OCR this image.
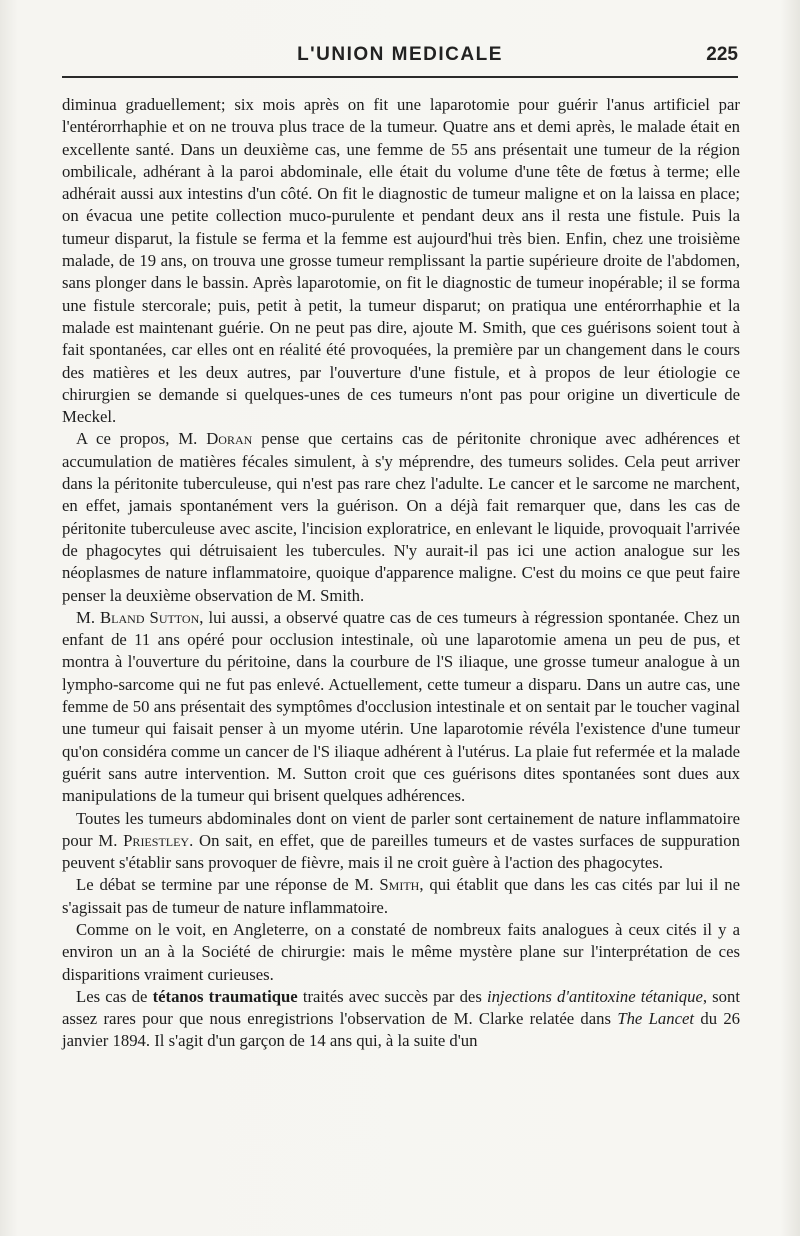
L'UNION MEDICALE	225

diminua graduellement; six mois après on fit une laparotomie pour guérir l'anus artificiel par l'entérorrhaphie et on ne trouva plus trace de la tumeur. Quatre ans et demi après, le malade était en excellente santé. Dans un deuxième cas, une femme de 55 ans présentait une tumeur de la région ombilicale, adhérant à la paroi abdominale, elle était du volume d'une tête de fœtus à terme; elle adhérait aussi aux intestins d'un côté. On fit le diagnostic de tumeur maligne et on la laissa en place; on évacua une petite collection muco-purulente et pendant deux ans il resta une fistule. Puis la tumeur disparut, la fistule se ferma et la femme est aujourd'hui très bien. Enfin, chez une troisième malade, de 19 ans, on trouva une grosse tumeur remplissant la partie supérieure droite de l'abdomen, sans plonger dans le bassin. Après laparotomie, on fit le diagnostic de tumeur inopérable; il se forma une fistule stercorale; puis, petit à petit, la tumeur disparut; on pratiqua une entérorrhaphie et la malade est maintenant guérie. On ne peut pas dire, ajoute M. Smith, que ces guérisons soient tout à fait spontanées, car elles ont en réalité été provoquées, la première par un changement dans le cours des matières et les deux autres, par l'ouverture d'une fistule, et à propos de leur étiologie ce chirurgien se demande si quelques-unes de ces tumeurs n'ont pas pour origine un diverticule de Meckel.

A ce propos, M. Doran pense que certains cas de péritonite chronique avec adhérences et accumulation de matières fécales simulent, à s'y méprendre, des tumeurs solides. Cela peut arriver dans la péritonite tuberculeuse, qui n'est pas rare chez l'adulte. Le cancer et le sarcome ne marchent, en effet, jamais spontanément vers la guérison. On a déjà fait remarquer que, dans les cas de péritonite tuberculeuse avec ascite, l'incision exploratrice, en enlevant le liquide, provoquait l'arrivée de phagocytes qui détruisaient les tubercules. N'y aurait-il pas ici une action analogue sur les néoplasmes de nature inflammatoire, quoique d'apparence maligne. C'est du moins ce que peut faire penser la deuxième observation de M. Smith.

M. Bland Sutton, lui aussi, a observé quatre cas de ces tumeurs à régression spontanée. Chez un enfant de 11 ans opéré pour occlusion intestinale, où une laparotomie amena un peu de pus, et montra à l'ouverture du péritoine, dans la courbure de l'S iliaque, une grosse tumeur analogue à un lympho-sarcome qui ne fut pas enlevé. Actuellement, cette tumeur a disparu. Dans un autre cas, une femme de 50 ans présentait des symptômes d'occlusion intestinale et on sentait par le toucher vaginal une tumeur qui faisait penser à un myome utérin. Une laparotomie révéla l'existence d'une tumeur qu'on considéra comme un cancer de l'S iliaque adhérent à l'utérus. La plaie fut refermée et la malade guérit sans autre intervention. M. Sutton croit que ces guérisons dites spontanées sont dues aux manipulations de la tumeur qui brisent quelques adhérences.

Toutes les tumeurs abdominales dont on vient de parler sont certainement de nature inflammatoire pour M. Priestley. On sait, en effet, que de pareilles tumeurs et de vastes surfaces de suppuration peuvent s'établir sans provoquer de fièvre, mais il ne croit guère à l'action des phagocytes.

Le débat se termine par une réponse de M. Smith, qui établit que dans les cas cités par lui il ne s'agissait pas de tumeur de nature inflammatoire.

Comme on le voit, en Angleterre, on a constaté de nombreux faits analogues à ceux cités il y a environ un an à la Société de chirurgie: mais le même mystère plane sur l'interprétation de ces disparitions vraiment curieuses.

Les cas de tétanos traumatique traités avec succès par des injections d'antitoxine tétanique, sont assez rares pour que nous enregistrions l'observation de M. Clarke relatée dans The Lancet du 26 janvier 1894. Il s'agit d'un garçon de 14 ans qui, à la suite d'un
